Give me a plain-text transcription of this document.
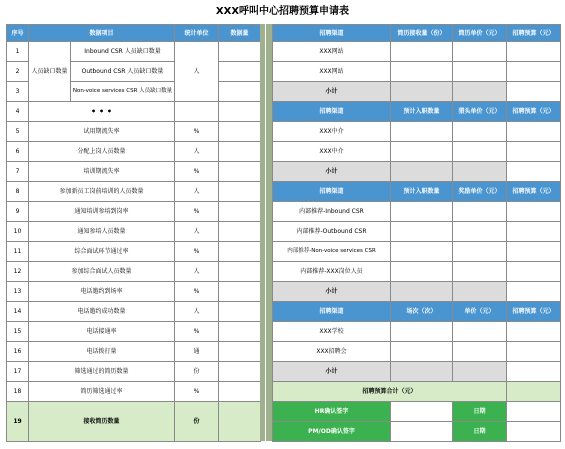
XXX呼叫中心招聘预算申请表
序号	数据项目		统计单位	数据量
1	人员缺口数量	Inbound CSR 人员缺口数量	人	
2		Outbound CSR 人员缺口数量		
3		Non-voice services CSR 人员缺口数量		
4	• • •			
5	试用期流失率		%	
6	分配上岗人员数量		人	
7	培训期流失率		%	
8	参加新员工岗前培训的人员数量		人	
9	通知培训参培到岗率		%	
10	通知参培人员数量		人	
11	综合面试环节通过率		%	
12	参加综合面试人员数量		人	
13	电话邀约到场率		%	
14	电话邀约成功数量		人	
15	电话接通率		%	
16	电话拨打量		通	
17	筛选通过的简历数量		份	
18	简历筛选通过率		%	
19	接收简历数量		份	
招聘渠道	简历接收量（份）	简历单价（元）	招聘预算（元）
XXX网站			
XXX网站			
小计			
招聘渠道	预计入职数量	猎头单价（元）	招聘预算（元）
XXX中介			
XXX中介			
小计			
招聘渠道	预计入职数量	奖励单价（元）	招聘预算（元）
内部推荐-Inbound CSR			
内部推荐-Outbound CSR			
内部推荐-Non-voice services CSR			
内部推荐-XXX岗位人员			
小计			
招聘渠道	场次（次）	单价（元）	招聘预算（元）
XXX学校			
XXX招聘会			
小计			
招聘预算合计（元）			
HR确认签字		日期	
PM/OD确认签字		日期	
